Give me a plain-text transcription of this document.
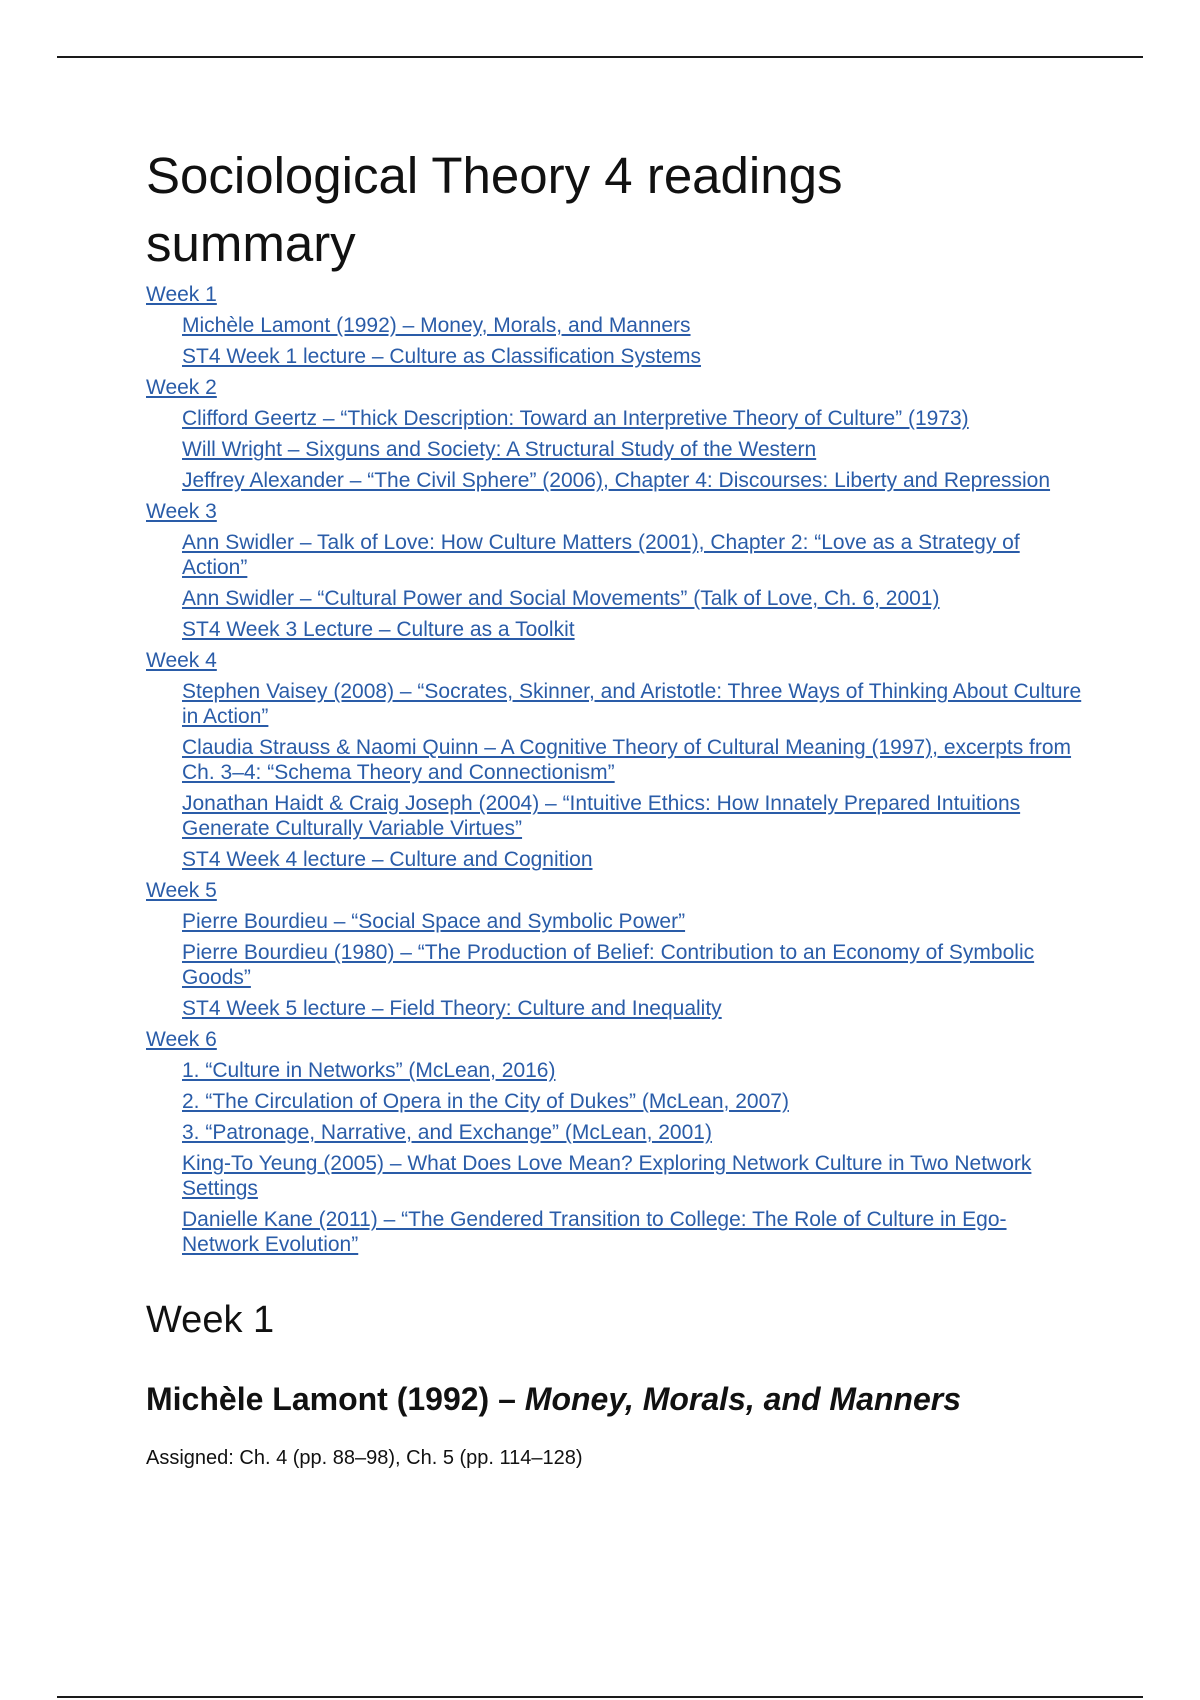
Sociological Theory 4 readings summary
Week 1
Michèle Lamont (1992) – Money, Morals, and Manners
ST4 Week 1 lecture – Culture as Classification Systems
Week 2
Clifford Geertz – “Thick Description: Toward an Interpretive Theory of Culture” (1973)
Will Wright – Sixguns and Society: A Structural Study of the Western
Jeffrey Alexander – “The Civil Sphere” (2006), Chapter 4: Discourses: Liberty and Repression
Week 3
Ann Swidler – Talk of Love: How Culture Matters (2001), Chapter 2: “Love as a Strategy of Action”
Ann Swidler – “Cultural Power and Social Movements” (Talk of Love, Ch. 6, 2001)
ST4 Week 3 Lecture – Culture as a Toolkit
Week 4
Stephen Vaisey (2008) – “Socrates, Skinner, and Aristotle: Three Ways of Thinking About Culture in Action”
Claudia Strauss & Naomi Quinn – A Cognitive Theory of Cultural Meaning (1997), excerpts from Ch. 3–4: “Schema Theory and Connectionism”
Jonathan Haidt & Craig Joseph (2004) – “Intuitive Ethics: How Innately Prepared Intuitions Generate Culturally Variable Virtues”
ST4 Week 4 lecture – Culture and Cognition
Week 5
Pierre Bourdieu – “Social Space and Symbolic Power”
Pierre Bourdieu (1980) – “The Production of Belief: Contribution to an Economy of Symbolic Goods”
ST4 Week 5 lecture – Field Theory: Culture and Inequality
Week 6
1. “Culture in Networks” (McLean, 2016)
2. “The Circulation of Opera in the City of Dukes” (McLean, 2007)
3. “Patronage, Narrative, and Exchange” (McLean, 2001)
King-To Yeung (2005) – What Does Love Mean? Exploring Network Culture in Two Network Settings
Danielle Kane (2011) – “The Gendered Transition to College: The Role of Culture in Ego-Network Evolution”
Week 1
Michèle Lamont (1992) – Money, Morals, and Manners

Assigned: Ch. 4 (pp. 88–98), Ch. 5 (pp. 114–128)
